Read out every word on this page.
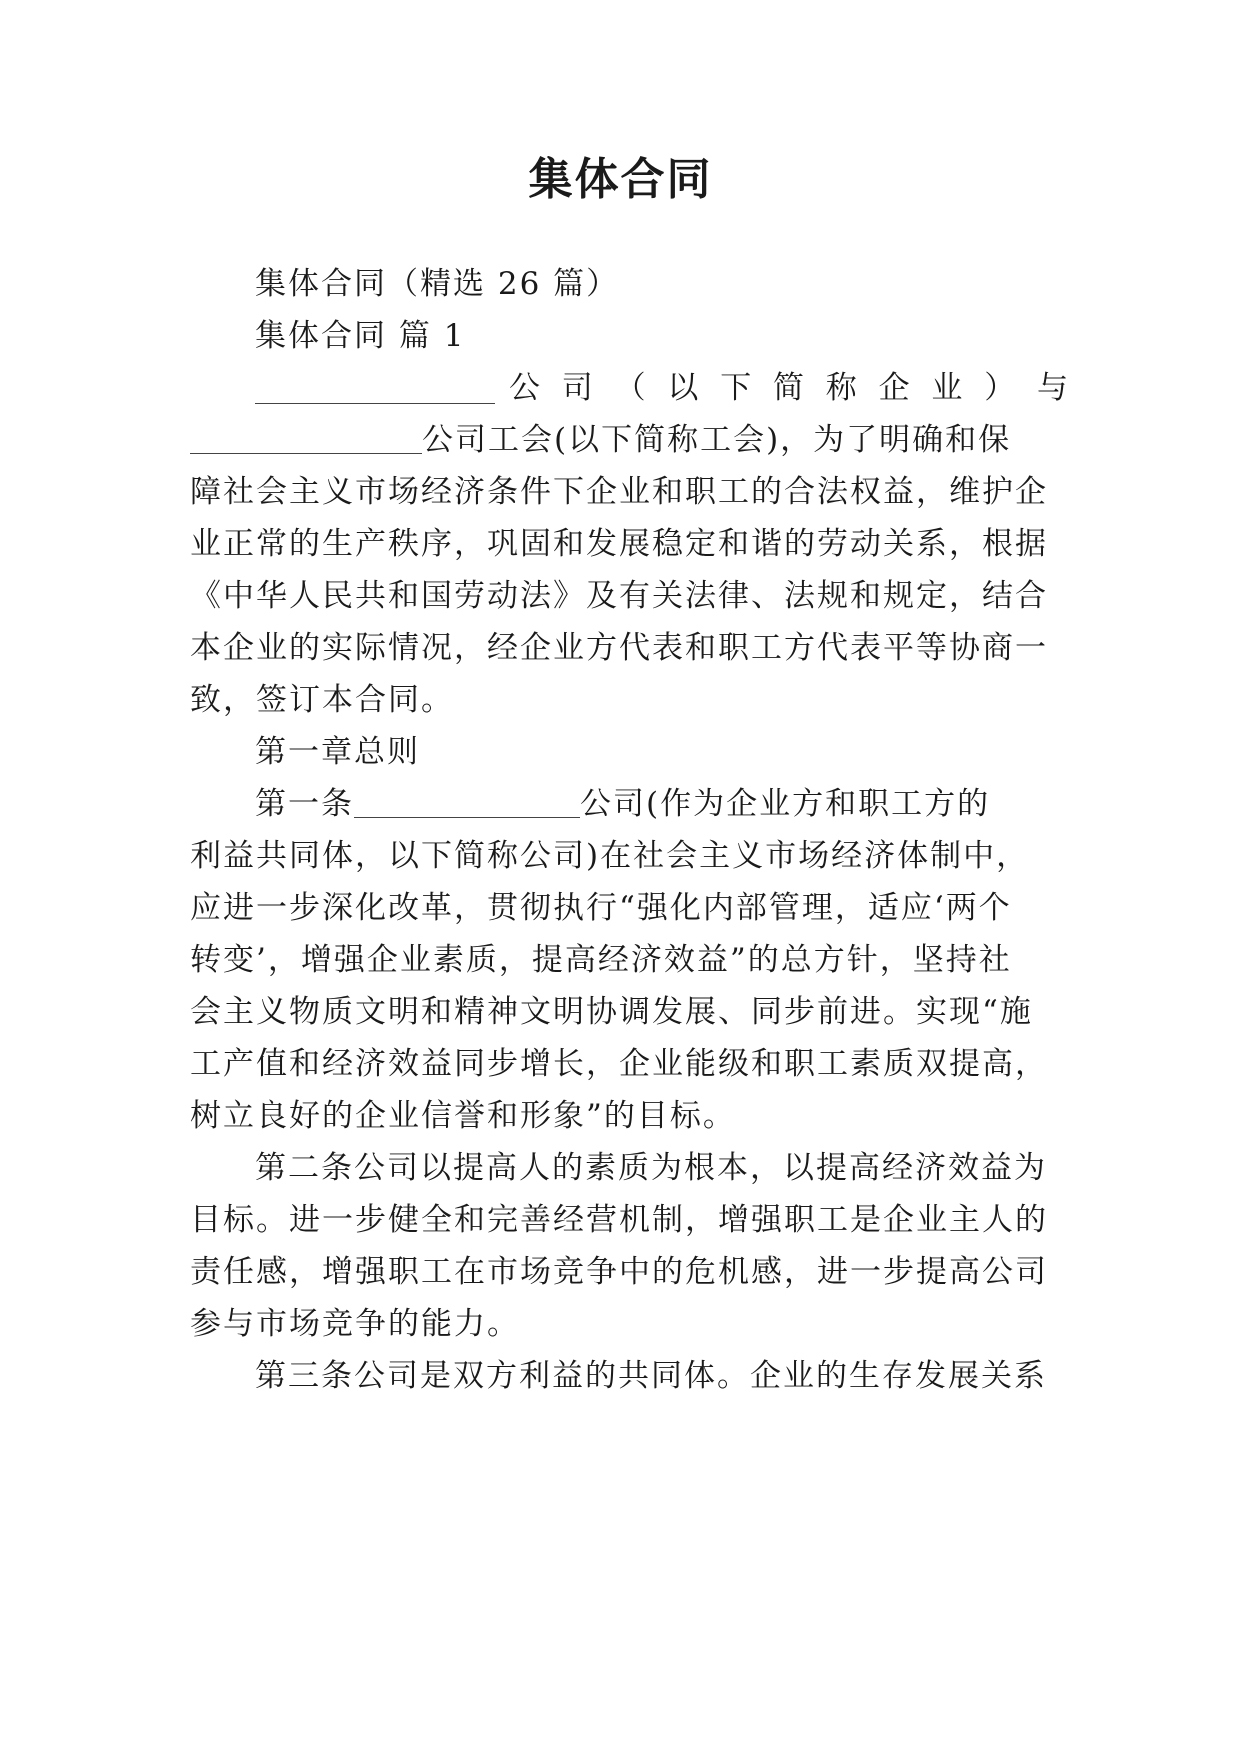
集体合同
集体合同（精选 26 篇）
集体合同 篇 1
公 司 （ 以 下 简 称 企 业 ） 与
公司工会(以下简称工会)，为了明确和保
障社会主义市场经济条件下企业和职工的合法权益，维护企
业正常的生产秩序，巩固和发展稳定和谐的劳动关系，根据
《中华人民共和国劳动法》及有关法律、法规和规定，结合
本企业的实际情况，经企业方代表和职工方代表平等协商一
致，签订本合同。
第一章总则
第一条	公司(作为企业方和职工方的
利益共同体，以下简称公司)在社会主义市场经济体制中，
应进一步深化改革，贯彻执行“强化内部管理，适应‘两个
转变’，增强企业素质，提高经济效益”的总方针，坚持社
会主义物质文明和精神文明协调发展、同步前进。实现“施
工产值和经济效益同步增长，企业能级和职工素质双提高，
树立良好的企业信誉和形象”的目标。
第二条公司以提高人的素质为根本，以提高经济效益为
目标。进一步健全和完善经营机制，增强职工是企业主人的
责任感，增强职工在市场竞争中的危机感，进一步提高公司
参与市场竞争的能力。
第三条公司是双方利益的共同体。企业的生存发展关系
